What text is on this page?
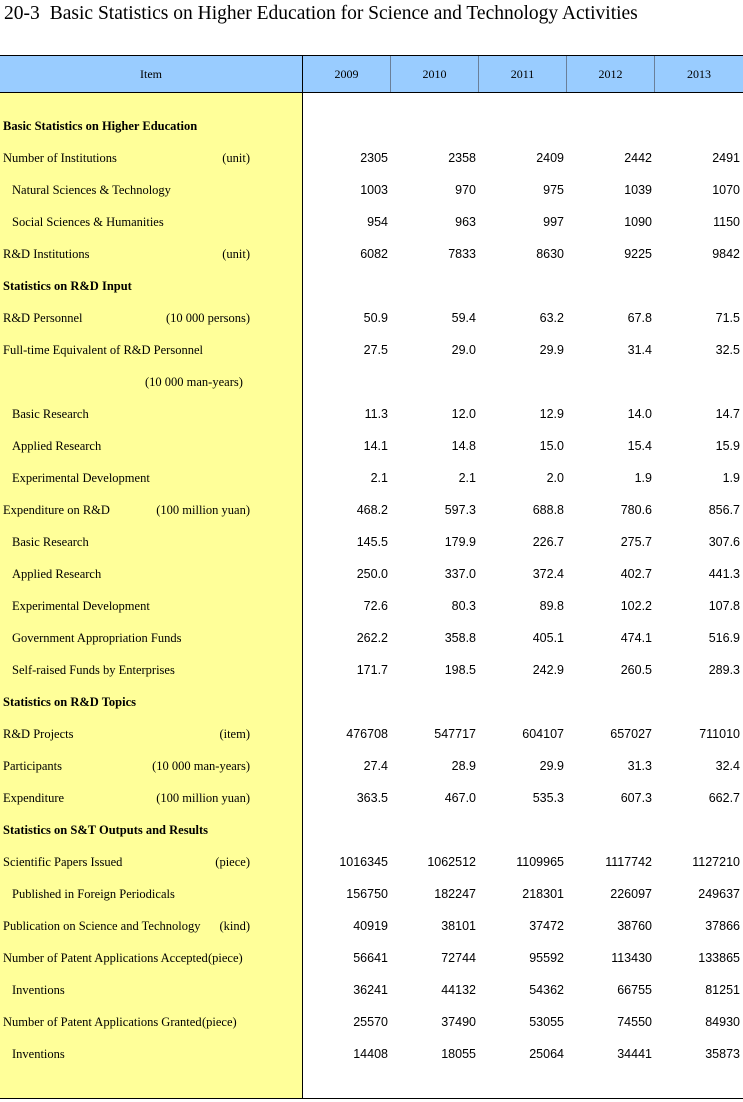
20-3 Basic Statistics on Higher Education for Science and Technology Activities
Item	2009	2010	2011	2012	2013
Basic Statistics on Higher Education
Number of Institutions	(unit)	2305	2358	2409	2442	2491
Natural Sciences & Technology	1003	970	975	1039	1070
Social Sciences & Humanities	954	963	997	1090	1150
R&D Institutions	(unit)	6082	7833	8630	9225	9842
Statistics on R&D Input
R&D Personnel	(10 000 persons)	50.9	59.4	63.2	67.8	71.5
Full-time Equivalent of R&D Personnel	27.5	29.0	29.9	31.4	32.5
(10 000 man-years)
Basic Research	11.3	12.0	12.9	14.0	14.7
Applied Research	14.1	14.8	15.0	15.4	15.9
Experimental Development	2.1	2.1	2.0	1.9	1.9
Expenditure on R&D	(100 million yuan)	468.2	597.3	688.8	780.6	856.7
Basic Research	145.5	179.9	226.7	275.7	307.6
Applied Research	250.0	337.0	372.4	402.7	441.3
Experimental Development	72.6	80.3	89.8	102.2	107.8
Government Appropriation Funds	262.2	358.8	405.1	474.1	516.9
Self-raised Funds by Enterprises	171.7	198.5	242.9	260.5	289.3
Statistics on R&D Topics
R&D Projects	(item)	476708	547717	604107	657027	711010
Participants	(10 000 man-years)	27.4	28.9	29.9	31.3	32.4
Expenditure	(100 million yuan)	363.5	467.0	535.3	607.3	662.7
Statistics on S&T Outputs and Results
Scientific Papers Issued	(piece)	1016345	1062512	1109965	1117742	1127210
Published in Foreign Periodicals	156750	182247	218301	226097	249637
Publication on Science and Technology (kind)	40919	38101	37472	38760	37866
Number of Patent Applications Accepted (piece)	56641	72744	95592	113430	133865
Inventions	36241	44132	54362	66755	81251
Number of Patent Applications Granted (piece)	25570	37490	53055	74550	84930
Inventions	14408	18055	25064	34441	35873
